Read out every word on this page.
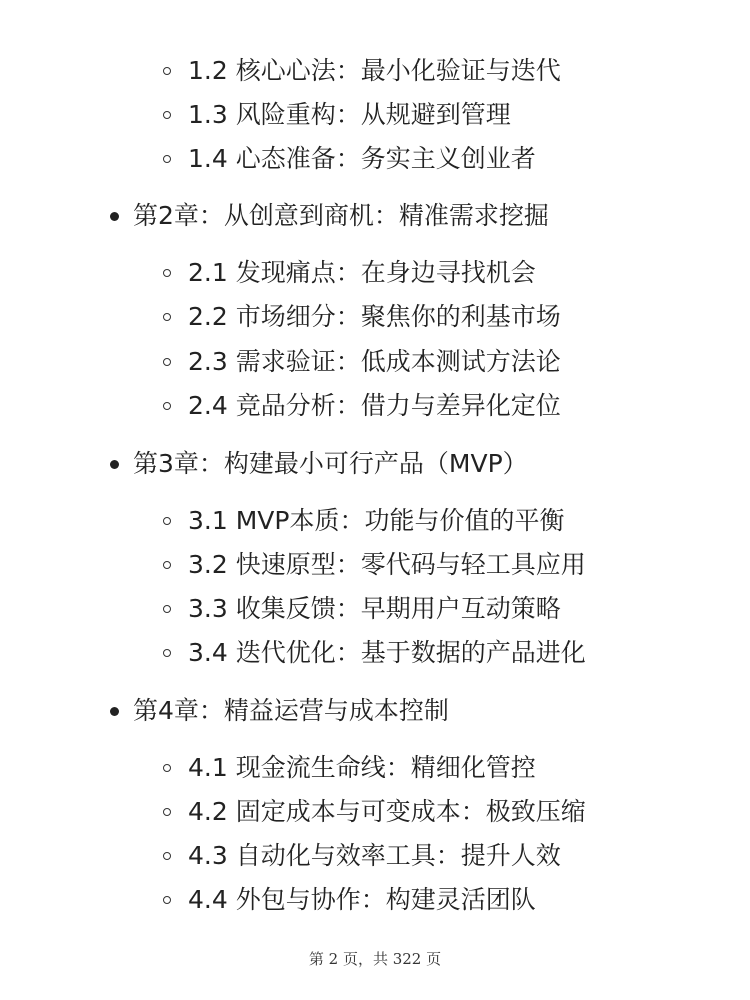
1.2 核心心法：最小化验证与迭代
1.3 风险重构：从规避到管理
1.4 心态准备：务实主义创业者
第2章：从创意到商机：精准需求挖掘
2.1 发现痛点：在身边寻找机会
2.2 市场细分：聚焦你的利基市场
2.3 需求验证：低成本测试方法论
2.4 竞品分析：借力与差异化定位
第3章：构建最小可行产品（MVP）
3.1 MVP本质：功能与价值的平衡
3.2 快速原型：零代码与轻工具应用
3.3 收集反馈：早期用户互动策略
3.4 迭代优化：基于数据的产品进化
第4章：精益运营与成本控制
4.1 现金流生命线：精细化管控
4.2 固定成本与可变成本：极致压缩
4.3 自动化与效率工具：提升人效
4.4 外包与协作：构建灵活团队
第 2 页，共 322 页
